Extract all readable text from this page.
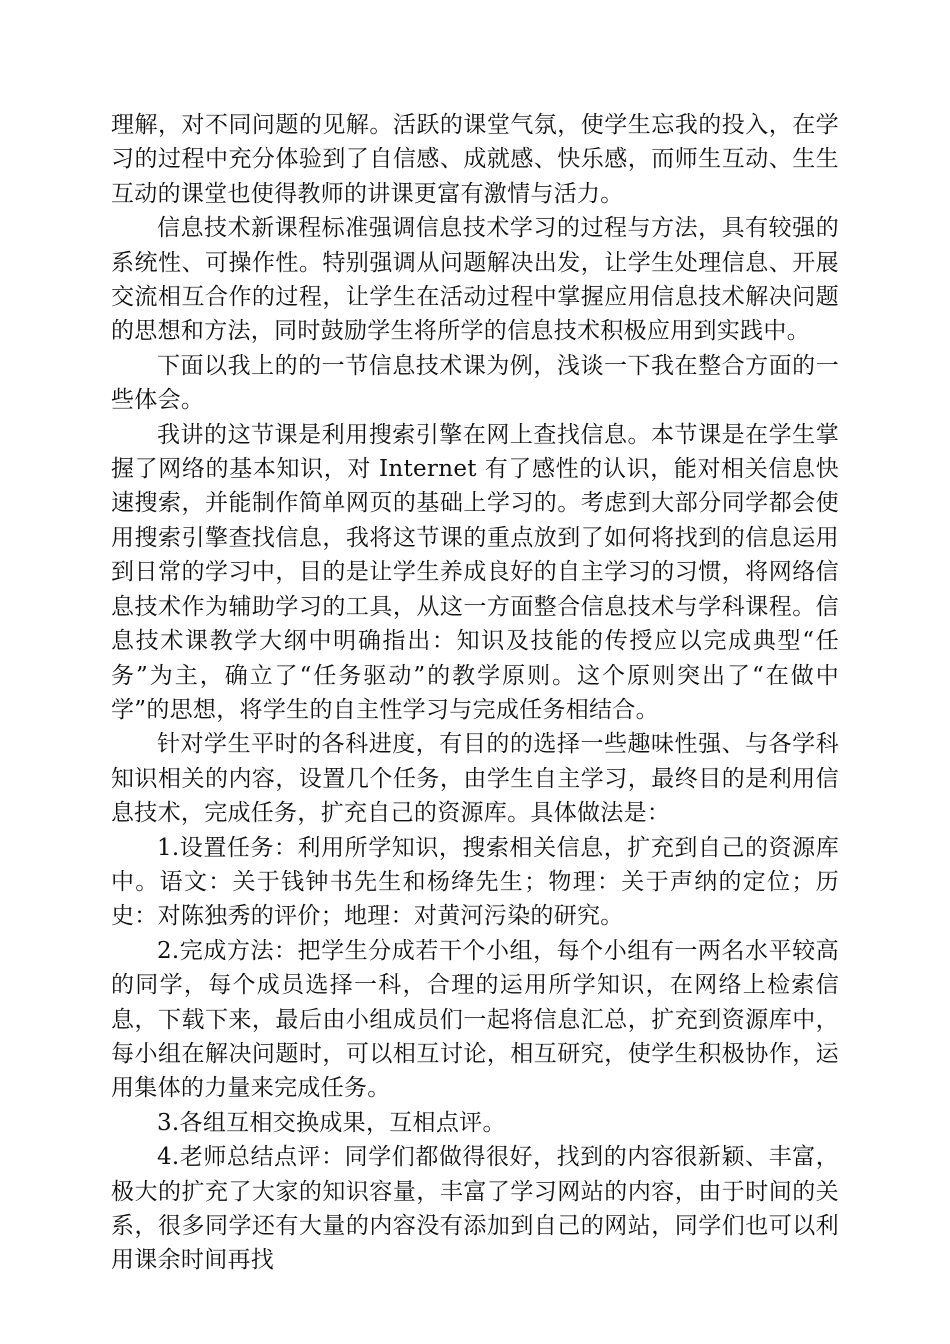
理解，对不同问题的见解。活跃的课堂气氛，使学生忘我的投入，在学习的过程中充分体验到了自信感、成就感、快乐感，而师生互动、生生互动的课堂也使得教师的讲课更富有激情与活力。

信息技术新课程标准强调信息技术学习的过程与方法，具有较强的系统性、可操作性。特别强调从问题解决出发，让学生处理信息、开展交流相互合作的过程，让学生在活动过程中掌握应用信息技术解决问题的思想和方法，同时鼓励学生将所学的信息技术积极应用到实践中。

下面以我上的的一节信息技术课为例，浅谈一下我在整合方面的一些体会。

我讲的这节课是利用搜索引擎在网上查找信息。本节课是在学生掌握了网络的基本知识，对 Internet 有了感性的认识，能对相关信息快速搜索，并能制作简单网页的基础上学习的。考虑到大部分同学都会使用搜索引擎查找信息，我将这节课的重点放到了如何将找到的信息运用到日常的学习中，目的是让学生养成良好的自主学习的习惯，将网络信息技术作为辅助学习的工具，从这一方面整合信息技术与学科课程。信息技术课教学大纲中明确指出：知识及技能的传授应以完成典型“任务”为主，确立了“任务驱动”的教学原则。这个原则突出了“在做中学”的思想，将学生的自主性学习与完成任务相结合。

针对学生平时的各科进度，有目的的选择一些趣味性强、与各学科知识相关的内容，设置几个任务，由学生自主学习，最终目的是利用信息技术，完成任务，扩充自己的资源库。具体做法是：

1.设置任务：利用所学知识，搜索相关信息，扩充到自己的资源库中。语文：关于钱钟书先生和杨绛先生；物理：关于声纳的定位；历史：对陈独秀的评价；地理：对黄河污染的研究。

2.完成方法：把学生分成若干个小组，每个小组有一两名水平较高的同学，每个成员选择一科，合理的运用所学知识，在网络上检索信息，下载下来，最后由小组成员们一起将信息汇总，扩充到资源库中，每小组在解决问题时，可以相互讨论，相互研究，使学生积极协作，运用集体的力量来完成任务。

3.各组互相交换成果，互相点评。

4.老师总结点评：同学们都做得很好，找到的内容很新颖、丰富，极大的扩充了大家的知识容量，丰富了学习网站的内容，由于时间的关系，很多同学还有大量的内容没有添加到自己的网站，同学们也可以利用课余时间再找
